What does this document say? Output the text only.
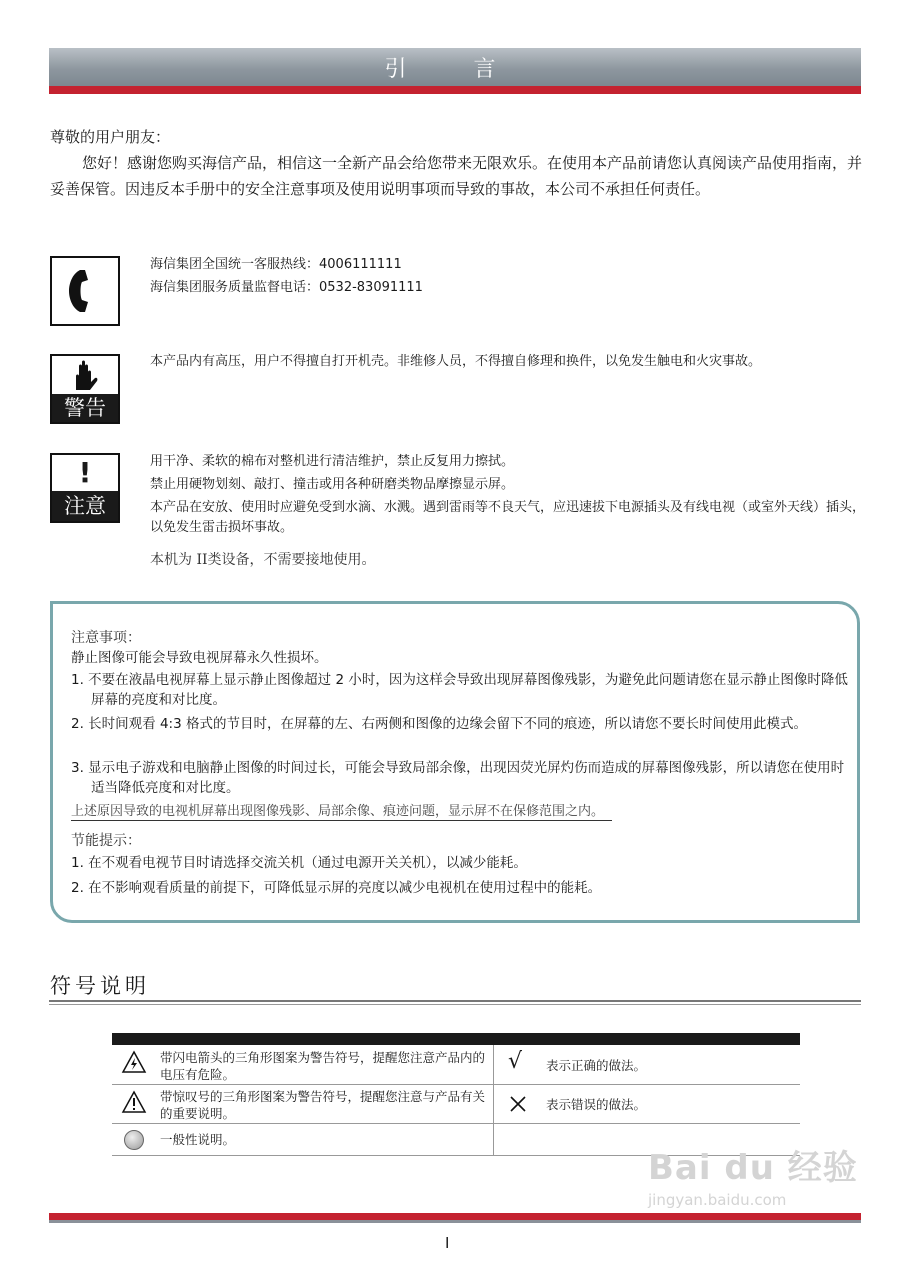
引 言
尊敬的用户朋友：
您好！感谢您购买海信产品，相信这一全新产品会给您带来无限欢乐。在使用本产品前请您认真阅读产品使用指南，并妥善保管。因违反本手册中的安全注意事项及使用说明事项而导致的事故，本公司不承担任何责任。
海信集团全国统一客服热线：4006111111
海信集团服务质量监督电话：0532-83091111
警告
本产品内有高压，用户不得擅自打开机壳。非维修人员，不得擅自修理和换件，以免发生触电和火灾事故。
!
注意
用干净、柔软的棉布对整机进行清洁维护，禁止反复用力擦拭。
禁止用硬物划刻、敲打、撞击或用各种研磨类物品摩擦显示屏。
本产品在安放、使用时应避免受到水滴、水溅。遇到雷雨等不良天气，应迅速拔下电源插头及有线电视（或室外天线）插头，以免发生雷击损坏事故。
本机为 II类设备，不需要接地使用。
注意事项：
静止图像可能会导致电视屏幕永久性损坏。
1. 不要在液晶电视屏幕上显示静止图像超过 2 小时，因为这样会导致出现屏幕图像残影，为避免此问题请您在显示静止图像时降低屏幕的亮度和对比度。
2. 长时间观看 4:3 格式的节目时，在屏幕的左、右两侧和图像的边缘会留下不同的痕迹，所以请您不要长时间使用此模式。
3. 显示电子游戏和电脑静止图像的时间过长，可能会导致局部余像，出现因荧光屏灼伤而造成的屏幕图像残影，所以请您在使用时适当降低亮度和对比度。
上述原因导致的电视机屏幕出现图像残影、局部余像、痕迹问题，显示屏不在保修范围之内。
节能提示：
1. 在不观看电视节目时请选择交流关机（通过电源开关关机），以减少能耗。
2. 在不影响观看质量的前提下，可降低显示屏的亮度以减少电视机在使用过程中的能耗。
符号说明
带闪电箭头的三角形图案为警告符号，提醒您注意产品内的电压有危险。
√ 表示正确的做法。
带惊叹号的三角形图案为警告符号，提醒您注意与产品有关的重要说明。
表示错误的做法。
一般性说明。
Bai du 经验
jingyan.baidu.com
I
